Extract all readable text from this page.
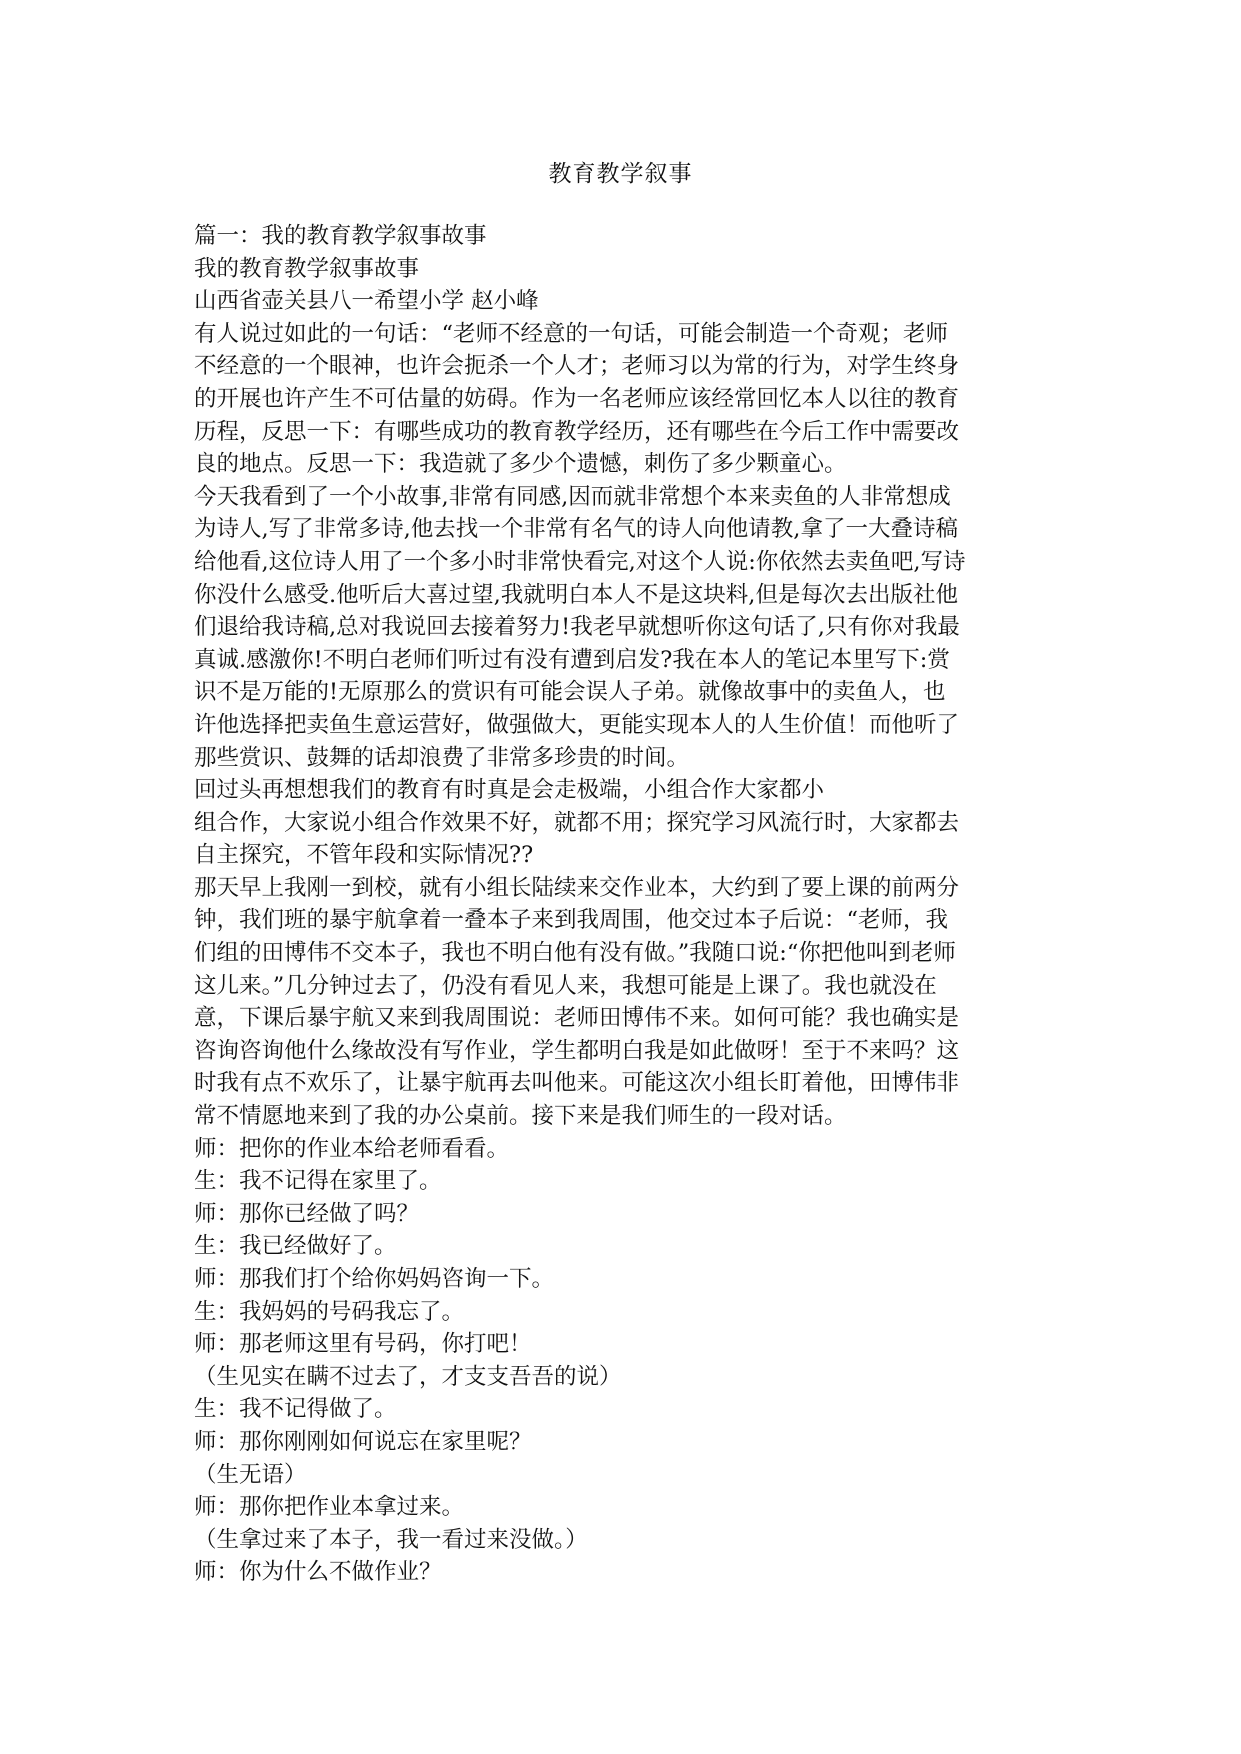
教育教学叙事
篇一：我的教育教学叙事故事
我的教育教学叙事故事
山西省壶关县八一希望小学 赵小峰
有人说过如此的一句话：“老师不经意的一句话，可能会制造一个奇观；老师
不经意的一个眼神，也许会扼杀一个人才；老师习以为常的行为，对学生终身
的开展也许产生不可估量的妨碍。作为一名老师应该经常回忆本人以往的教育
历程，反思一下：有哪些成功的教育教学经历，还有哪些在今后工作中需要改
良的地点。反思一下：我造就了多少个遗憾，刺伤了多少颗童心。
今天我看到了一个小故事,非常有同感,因而就非常想个本来卖鱼的人非常想成
为诗人,写了非常多诗,他去找一个非常有名气的诗人向他请教,拿了一大叠诗稿
给他看,这位诗人用了一个多小时非常快看完,对这个人说:你依然去卖鱼吧,写诗
你没什么感受.他听后大喜过望,我就明白本人不是这块料,但是每次去出版社他
们退给我诗稿,总对我说回去接着努力!我老早就想听你这句话了,只有你对我最
真诚.感激你!不明白老师们听过有没有遭到启发?我在本人的笔记本里写下:赏
识不是万能的!无原那么的赏识有可能会误人子弟。就像故事中的卖鱼人，也
许他选择把卖鱼生意运营好，做强做大，更能实现本人的人生价值！而他听了
那些赏识、鼓舞的话却浪费了非常多珍贵的时间。
回过头再想想我们的教育有时真是会走极端，小组合作大家都小
组合作，大家说小组合作效果不好，就都不用；探究学习风流行时，大家都去
自主探究，不管年段和实际情况??
那天早上我刚一到校，就有小组长陆续来交作业本，大约到了要上课的前两分
钟，我们班的暴宇航拿着一叠本子来到我周围，他交过本子后说：“老师，我
们组的田博伟不交本子，我也不明白他有没有做。”我随口说:“你把他叫到老师
这儿来。”几分钟过去了，仍没有看见人来，我想可能是上课了。我也就没在
意，下课后暴宇航又来到我周围说：老师田博伟不来。如何可能？我也确实是
咨询咨询他什么缘故没有写作业，学生都明白我是如此做呀！至于不来吗？这
时我有点不欢乐了，让暴宇航再去叫他来。可能这次小组长盯着他，田博伟非
常不情愿地来到了我的办公桌前。接下来是我们师生的一段对话。
师：把你的作业本给老师看看。
生：我不记得在家里了。
师：那你已经做了吗？
生：我已经做好了。
师：那我们打个给你妈妈咨询一下。
生：我妈妈的号码我忘了。
师：那老师这里有号码，你打吧！
（生见实在瞒不过去了，才支支吾吾的说）
生：我不记得做了。
师：那你刚刚如何说忘在家里呢？
（生无语）
师：那你把作业本拿过来。
（生拿过来了本子，我一看过来没做。）
师：你为什么不做作业？
